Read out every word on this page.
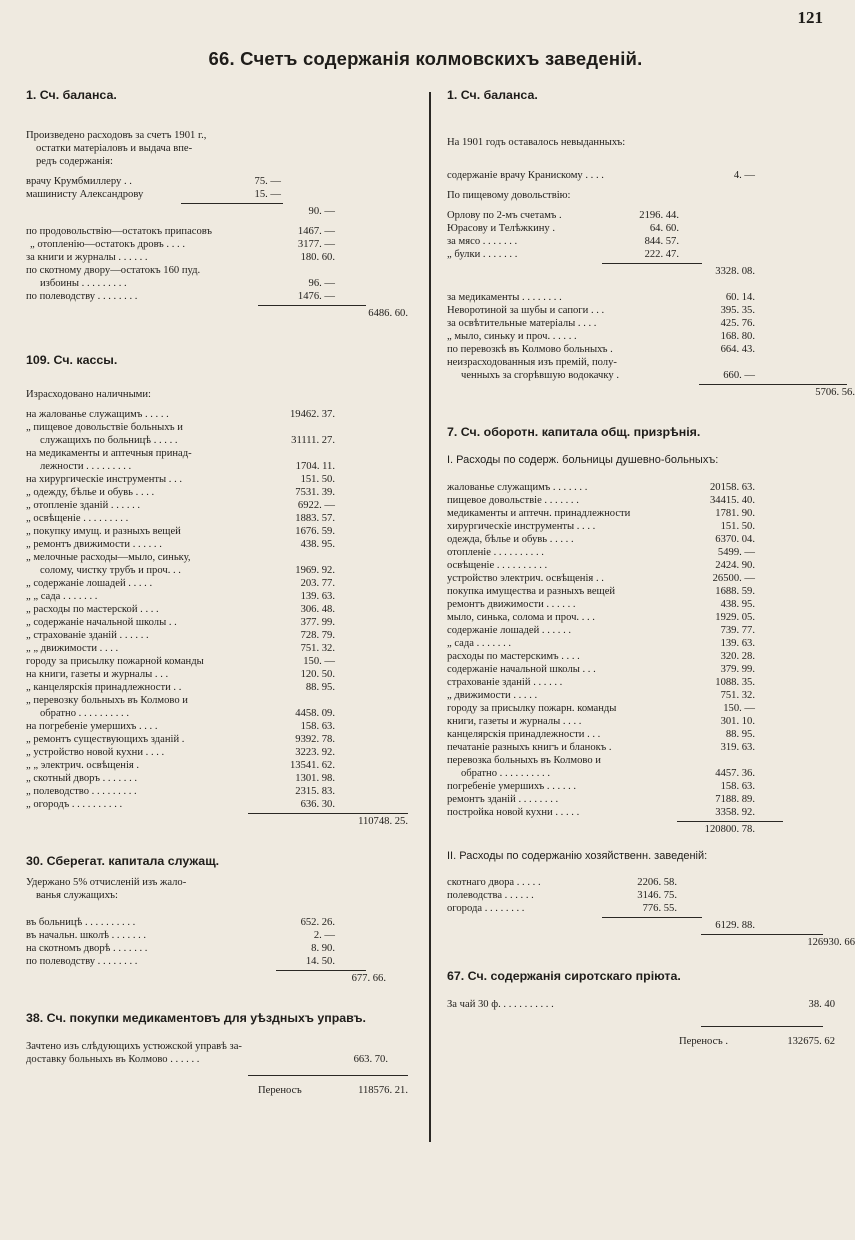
121
66. Счетъ содержанія колмовскихъ заведеній.
1. Сч. баланса.
Произведено расходовъ за счетъ 1901 г.,
остатки матеріаловъ и выдача впе-
редъ содержанія:
врачу Крумбмиллеру . .	75. —
машинисту Александрову	15. —
90. —
по продовольствію—остатокъ припасовъ	1467. —
„ отопленію—остатокъ дровъ . . . .	3177. —
за книги и журналы . . . . . .	180. 60.
по скотному двору—остатокъ 160 пуд.
избоины . . . . . . . . .	96. —
по полеводству . . . . . . . .	1476. —
6486. 60.
109. Сч. кассы.
Израсходовано наличными:
на жалованье служащимъ . . . . .	19462. 37.
„ пищевое довольствіе больныхъ и
служащихъ по больницѣ . . . . .	31111. 27.
на медикаменты и аптечныя принад-
лежности . . . . . . . . .	1704. 11.
на хирургическіе инструменты . . .	151. 50.
„ одежду, бѣлье и обувь . . . .	7531. 39.
„ отопленіе зданій . . . . . .	6922. —
„ освѣщеніе . . . . . . . . .	1883. 57.
„ покупку имущ. и разныхъ вещей	1676. 59.
„ ремонтъ движимости . . . . . .	438. 95.
„ мелочные расходы—мыло, синьку,
солому, чистку трубъ и проч. . .	1969. 92.
„ содержаніе лошадей . . . . .	203. 77.
„ „ сада . . . . . . .	139. 63.
„ расходы по мастерской . . . .	306. 48.
„ содержаніе начальной школы . .	377. 99.
„ страхованіе зданій . . . . . .	728. 79.
„ „ движимости . . . .	751. 32.
городу за присылку пожарной команды	150. —
на книги, газеты и журналы . . .	120. 50.
„ канцелярскія принадлежности . .	88. 95.
„ перевозку больныхъ въ Колмово и
обратно . . . . . . . . . .	4458. 09.
на погребеніе умершихъ . . . .	158. 63.
„ ремонтъ существующихъ зданій .	9392. 78.
„ устройство новой кухни . . . .	3223. 92.
„ „ электрич. освѣщенія .	13541. 62.
„ скотный дворъ . . . . . . .	1301. 98.
„ полеводство . . . . . . . . .	2315. 83.
„ огородъ . . . . . . . . . .	636. 30.
110748. 25.
30. Сберегат. капитала служащ.
Удержано 5% отчисленій изъ жало-
ванья служащихъ:
въ больницѣ . . . . . . . . . .	652. 26.
въ начальн. школѣ . . . . . . .	2. —
на скотномъ дворѣ . . . . . . .	8. 90.
по полеводству . . . . . . . .	14. 50.
677. 66.
38. Сч. покупки медикаментовъ для уѣздныхъ управъ.
Зачтено изъ слѣдующихъ устюжской управѣ за-
доставку больныхъ въ Колмово . . . . . .	663. 70.
Переносъ	118576. 21.
1. Сч. баланса.
На 1901 годъ оставалось невыданныхъ:
содержаніе врачу Кранискому . . . .	4. —
По пищевому довольствію:
Орлову по 2-мъ счетамъ .	2196. 44.
Юрасову и Телѣжкину .	64. 60.
за мясо . . . . . . .	844. 57.
„ булки . . . . . . .	222. 47.
3328. 08.
за медикаменты . . . . . . . .	60. 14.
Неворотиной за шубы и сапоги . . .	395. 35.
за освѣтительные матеріалы . . . .	425. 76.
„ мыло, синьку и проч. . . . . .	168. 80.
по перевозкѣ въ Колмово больныхъ .	664. 43.
неизрасходованныя изъ премій, полу-
ченныхъ за сгорѣвшую водокачку .	660. —
5706. 56.
7. Сч. оборотн. капитала общ. призрѣнія.
I. Расходы по содерж. больницы душевно-больныхъ:
жалованье служащимъ . . . . . . .	20158. 63.
пищевое довольствіе . . . . . . .	34415. 40.
медикаменты и аптечн. принадлежности	1781. 90.
хирургическіе инструменты . . . .	151. 50.
одежда, бѣлье и обувь . . . . .	6370. 04.
отопленіе . . . . . . . . . .	5499. —
освѣщеніе . . . . . . . . . .	2424. 90.
устройство электрич. освѣщенія . .	26500. —
покупка имущества и разныхъ вещей	1688. 59.
ремонтъ движимости . . . . . .	438. 95.
мыло, синька, солома и проч. . . .	1929. 05.
содержаніе лошадей . . . . . .	739. 77.
„ сада . . . . . . .	139. 63.
расходы по мастерскимъ . . . .	320. 28.
содержаніе начальной школы . . .	379. 99.
страхованіе зданій . . . . . .	1088. 35.
„ движимости . . . . .	751. 32.
городу за присылку пожарн. команды	150. —
книги, газеты и журналы . . . .	301. 10.
канцелярскія принадлежности . . .	88. 95.
печатаніе разныхъ книгъ и бланокъ .	319. 63.
перевозка больныхъ въ Колмово и
обратно . . . . . . . . . .	4457. 36.
погребеніе умершихъ . . . . . .	158. 63.
ремонтъ зданій . . . . . . . .	7188. 89.
постройка новой кухни . . . . .	3358. 92.
120800. 78.
II. Расходы по содержанію хозяйственн. заведеній:
скотнаго двора . . . . .	2206. 58.
полеводства . . . . . .	3146. 75.
огорода . . . . . . . .	776. 55.
6129. 88.
126930. 66
67. Сч. содержанія сиротскаго пріюта.
За чай 30 ф. . . . . . . . . . .	38. 40
Переносъ .	132675. 62
